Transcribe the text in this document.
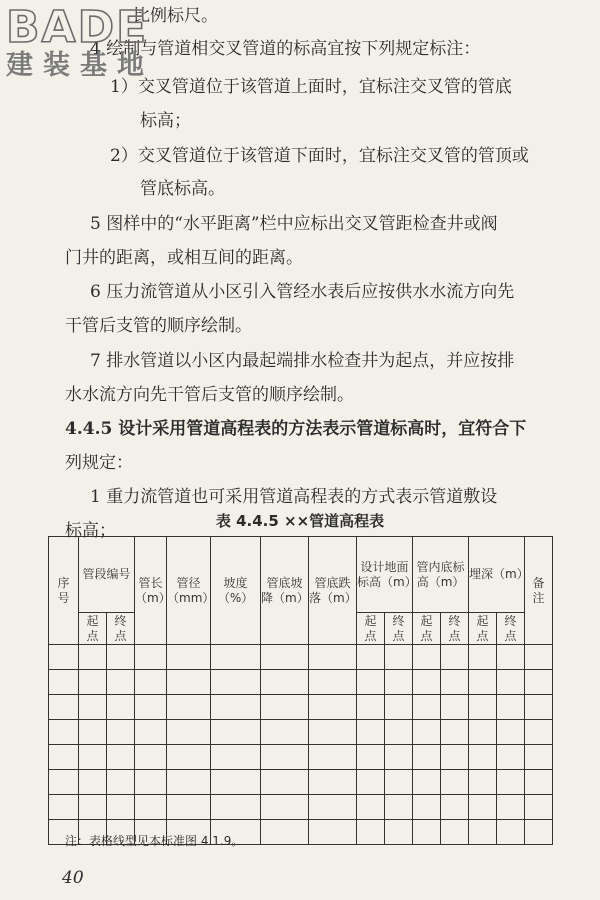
BADE
建装基地
比例标尺。
4 绘制与管道相交叉管道的标高宜按下列规定标注：
1）交叉管道位于该管道上面时，宜标注交叉管的管底
标高；
2）交叉管道位于该管道下面时，宜标注交叉管的管顶或
管底标高。
5 图样中的“水平距离”栏中应标出交叉管距检查井或阀
门井的距离，或相互间的距离。
6 压力流管道从小区引入管经水表后应按供水水流方向先
干管后支管的顺序绘制。
7 排水管道以小区内最起端排水检查井为起点，并应按排
水水流方向先干管后支管的顺序绘制。
4.4.5 设计采用管道高程表的方法表示管道标高时，宜符合下
列规定：
1 重力流管道也可采用管道高程表的方式表示管道敷设
标高；	表 4.4.5 ××管道高程表
序号	管段编号		管长（m）	管径（mm）	坡度（%）	管底坡降（m）	管底跌落（m）	设计地面标高（m）		管内底标高（m）		埋深（m）		备注
	起点	终点						起点	终点	起点	终点	起点	终点	

注：表格线型见本标准图 4.1.9。
40
